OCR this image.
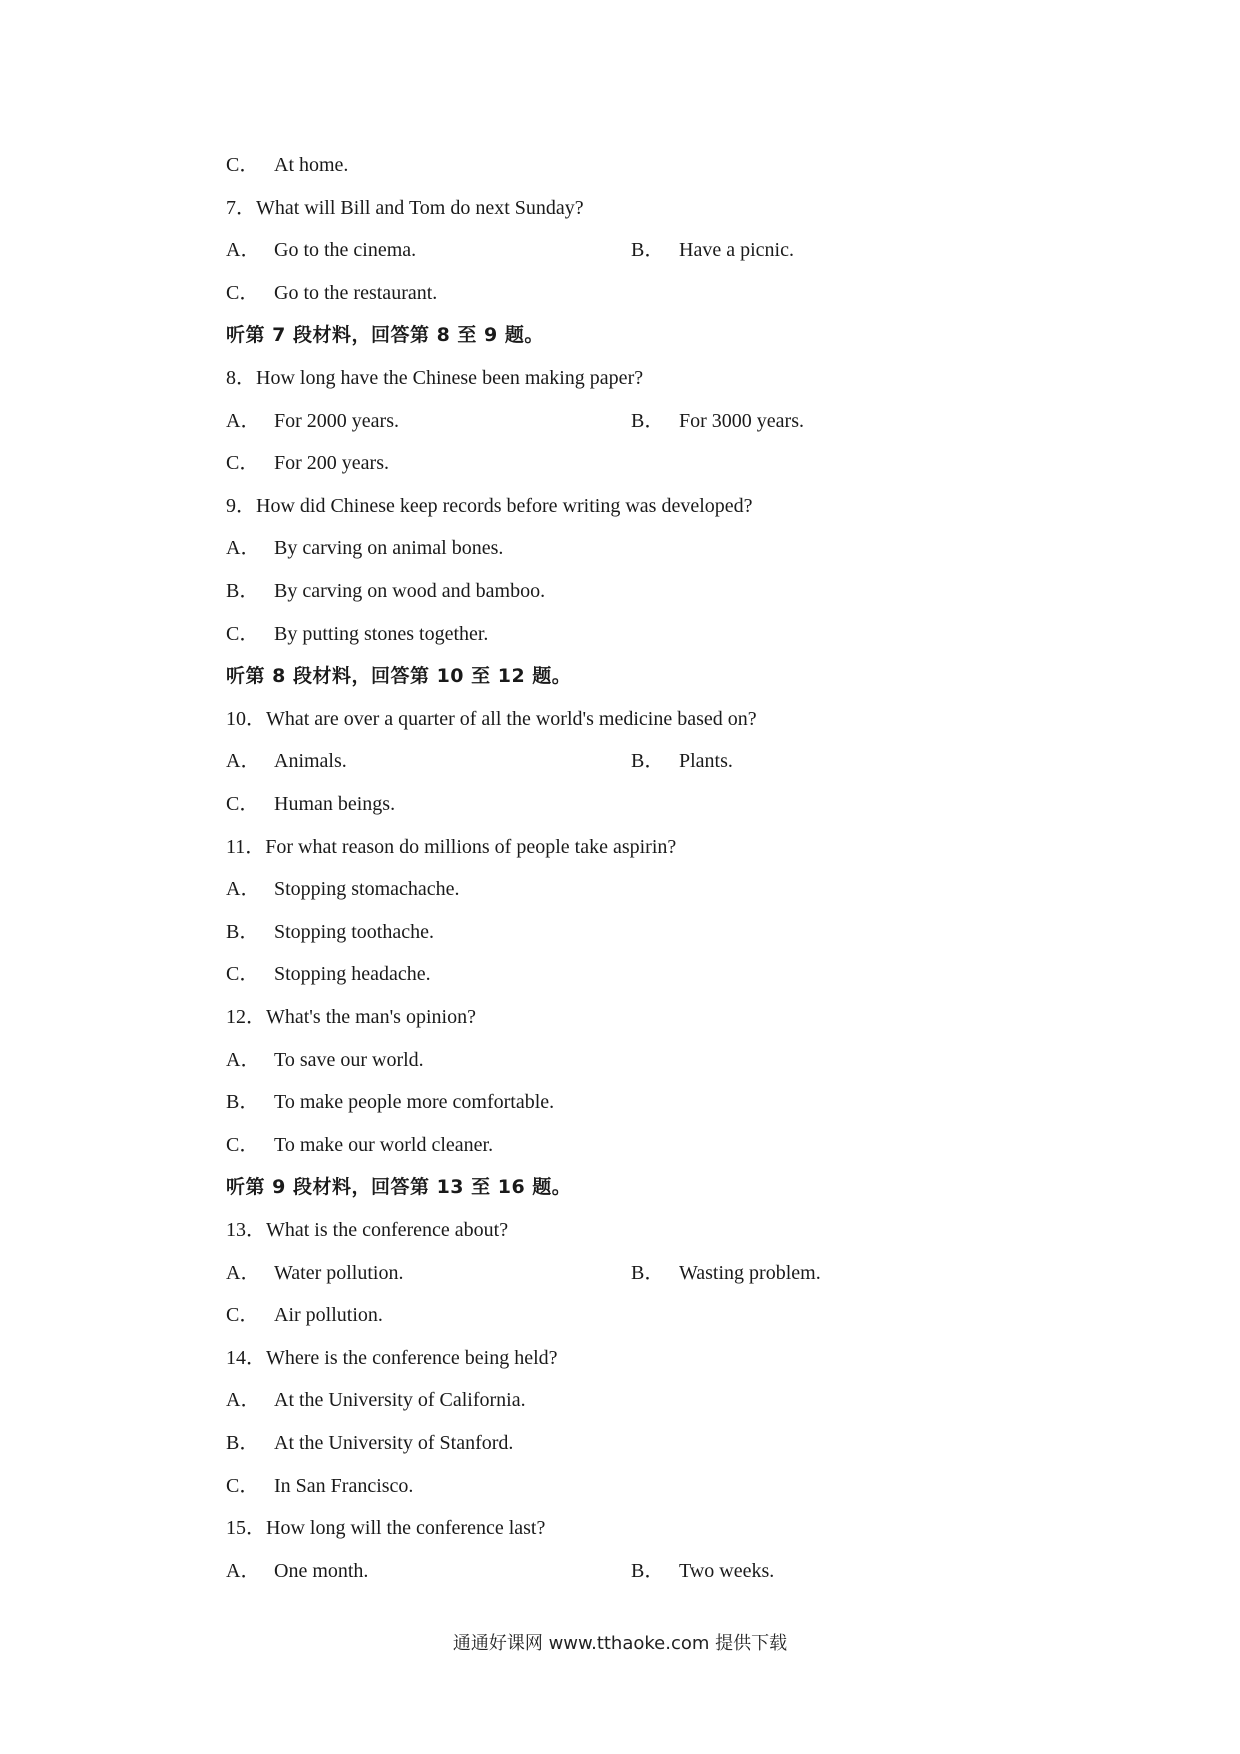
C． At home.
7．What will Bill and Tom do next Sunday?
A． Go to the cinema.	B． Have a picnic.
C． Go to the restaurant.
听第 7 段材料，回答第 8 至 9 题。
8．How long have the Chinese been making paper?
A． For 2000 years.	B． For 3000 years.
C． For 200 years.
9．How did Chinese keep records before writing was developed?
A． By carving on animal bones.
B． By carving on wood and bamboo.
C． By putting stones together.
听第 8 段材料，回答第 10 至 12 题。
10．What are over a quarter of all the world's medicine based on?
A． Animals.	B． Plants.
C． Human beings.
11．For what reason do millions of people take aspirin?
A． Stopping stomachache.
B． Stopping toothache.
C． Stopping headache.
12．What's the man's opinion?
A． To save our world.
B． To make people more comfortable.
C． To make our world cleaner.
听第 9 段材料，回答第 13 至 16 题。
13．What is the conference about?
A． Water pollution.	B． Wasting problem.
C． Air pollution.
14．Where is the conference being held?
A． At the University of California.
B． At the University of Stanford.
C． In San Francisco.
15．How long will the conference last?
A． One month.	B． Two weeks.
通通好课网 www.tthaoke.com 提供下载
